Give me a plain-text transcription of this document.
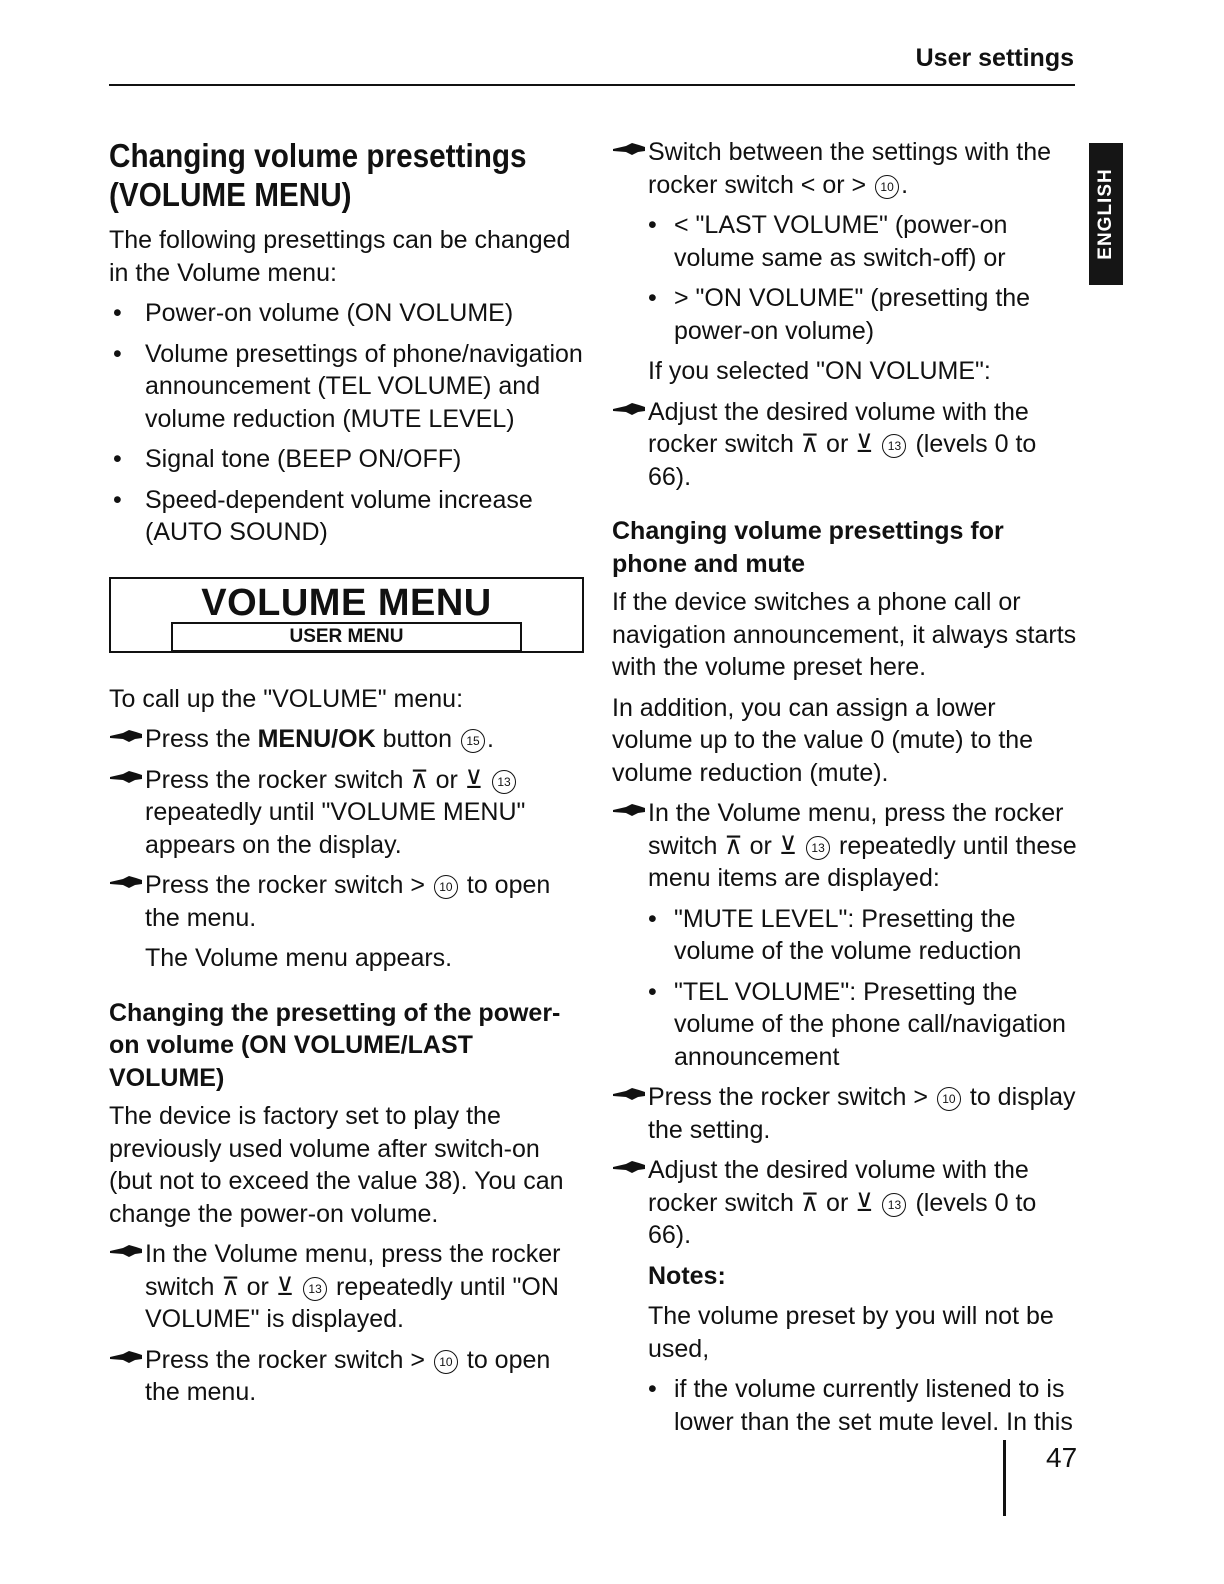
User settings
ENGLISH
Changing volume presettings (VOLUME MENU)

The following presettings can be changed in the Volume menu:

• Power-on volume (ON VOLUME)
• Volume presettings of phone/navigation announcement (TEL VOLUME) and volume reduction (MUTE LEVEL)
• Signal tone (BEEP ON/OFF)
• Speed-dependent volume increase (AUTO SOUND)
VOLUME MENU
USER MENU

To call up the "VOLUME" menu:

Press the MENU/OK button 15 .
Press the rocker switch ⊼ or ⊻ 13 repeatedly until "VOLUME MENU" appears on the display.
Press the rocker switch > 10 to open the menu.

The Volume menu appears.

Changing the presetting of the power-on volume (ON VOLUME/LAST VOLUME)

The device is factory set to play the previously used volume after switch-on (but not to exceed the value 38). You can change the power-on volume.

In the Volume menu, press the rocker switch ⊼ or ⊻ 13 repeatedly until "ON VOLUME" is displayed.
Press the rocker switch > 10 to open the menu.
Switch between the settings with the rocker switch < or > 10 .
• < "LAST VOLUME" (power-on volume same as switch-off) or
• > "ON VOLUME" (presetting the power-on volume)

If you selected "ON VOLUME":

Adjust the desired volume with the rocker switch ⊼ or ⊻ 13 (levels 0 to 66).
Changing volume presettings for phone and mute

If the device switches a phone call or navigation announcement, it always starts with the volume preset here.

In addition, you can assign a lower volume up to the value 0 (mute) to the volume reduction (mute).

In the Volume menu, press the rocker switch ⊼ or ⊻ 13 repeatedly until these menu items are displayed:
• "MUTE LEVEL": Presetting the volume of the volume reduction
• "TEL VOLUME": Presetting the volume of the phone call/navigation announcement
Press the rocker switch > 10 to display the setting.
Adjust the desired volume with the rocker switch ⊼ or ⊻ 13 (levels 0 to 66).

Notes:

The volume preset by you will not be used,

• if the volume currently listened to is lower than the set mute level. In this
47
